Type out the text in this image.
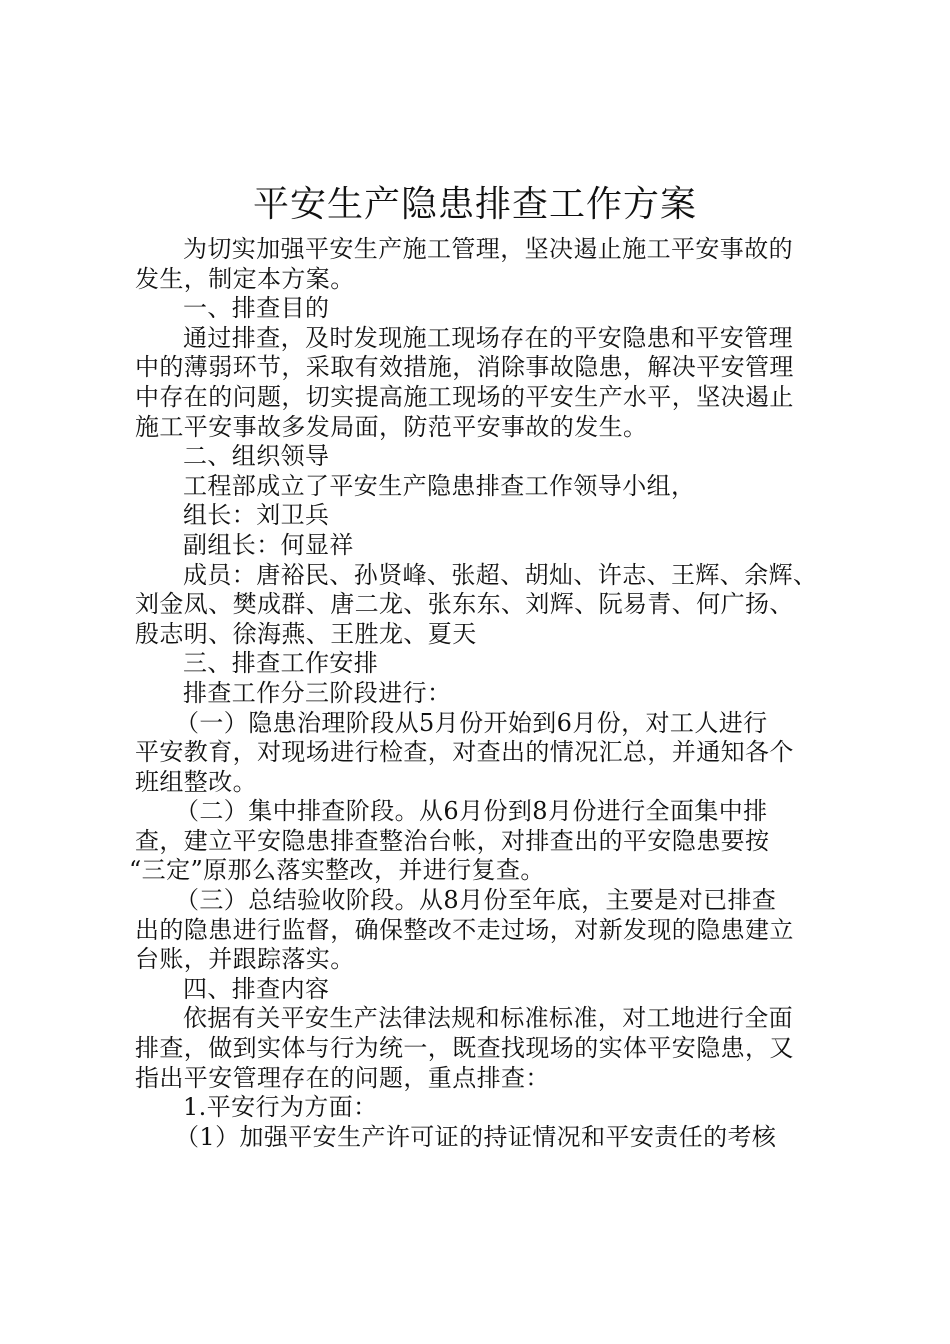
平安生产隐患排查工作方案
为切实加强平安生产施工管理，坚决遏止施工平安事故的
发生，制定本方案。
一、排查目的
通过排查，及时发现施工现场存在的平安隐患和平安管理
中的薄弱环节，采取有效措施，消除事故隐患，解决平安管理
中存在的问题，切实提高施工现场的平安生产水平，坚决遏止
施工平安事故多发局面，防范平安事故的发生。
二、组织领导
工程部成立了平安生产隐患排查工作领导小组，
组长：刘卫兵
副组长：何显祥
成员：唐裕民、孙贤峰、张超、胡灿、许志、王辉、余辉、
刘金凤、樊成群、唐二龙、张东东、刘辉、阮易青、何广扬、
殷志明、徐海燕、王胜龙、夏天
三、排查工作安排
排查工作分三阶段进行：
（一）隐患治理阶段从5月份开始到6月份，对工人进行
平安教育，对现场进行检查，对查出的情况汇总，并通知各个
班组整改。
（二）集中排查阶段。从6月份到8月份进行全面集中排
查，建立平安隐患排查整治台帐，对排查出的平安隐患要按
“三定”原那么落实整改，并进行复查。
（三）总结验收阶段。从8月份至年底，主要是对已排查
出的隐患进行监督，确保整改不走过场，对新发现的隐患建立
台账，并跟踪落实。
四、排查内容
依据有关平安生产法律法规和标准标准，对工地进行全面
排查，做到实体与行为统一，既查找现场的实体平安隐患，又
指出平安管理存在的问题，重点排查：
1.平安行为方面：
（1）加强平安生产许可证的持证情况和平安责任的考核
